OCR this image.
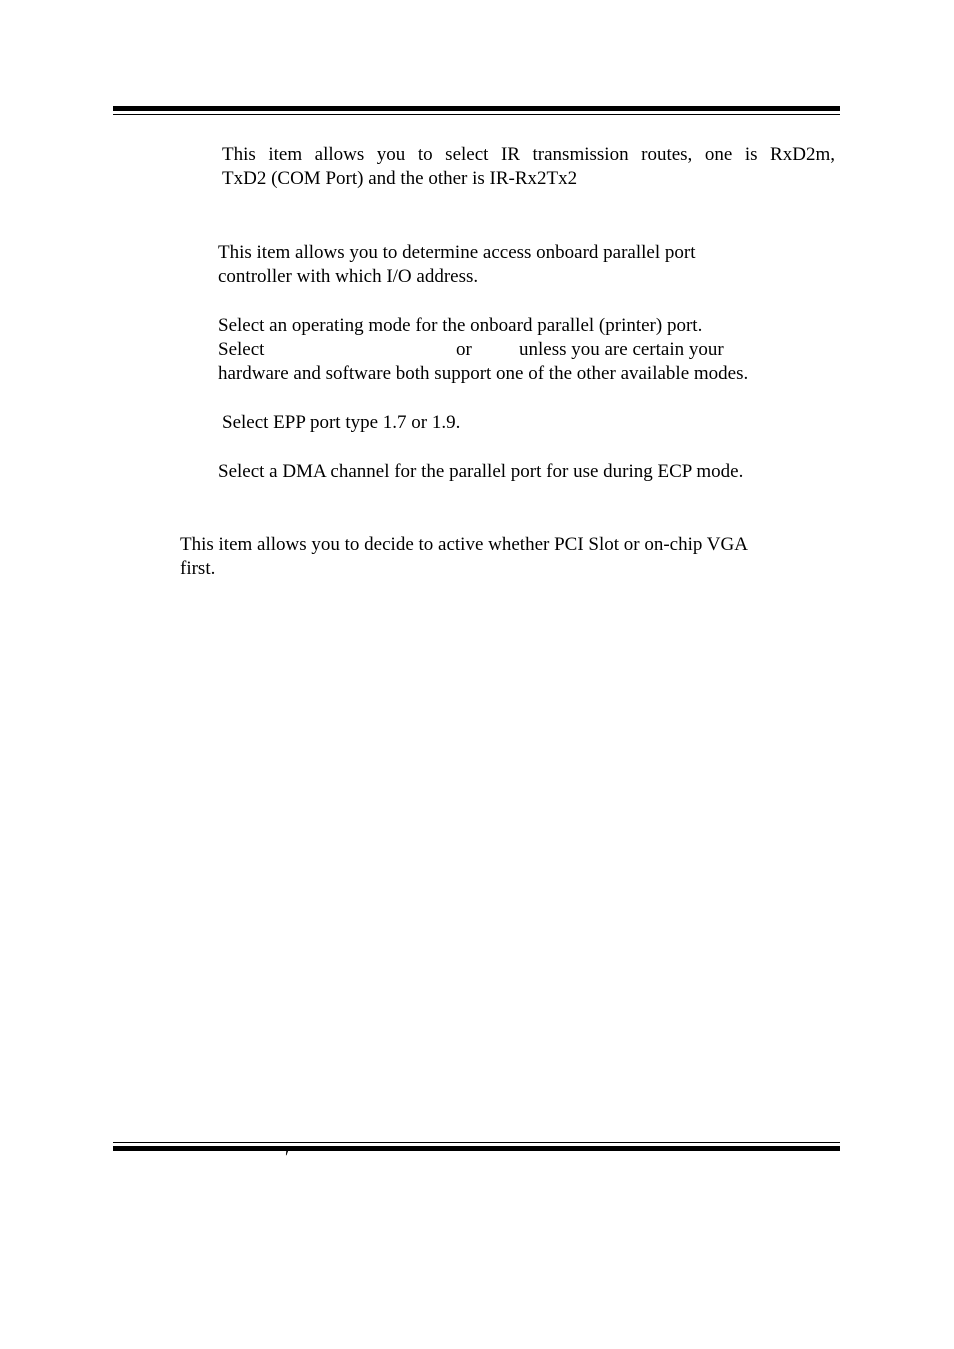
This item allows you to select IR transmission routes, one is RxD2m,
TxD2 (COM Port) and the other is IR-Rx2Tx2
This item allows you to determine access onboard parallel port
controller with which I/O address.
Select an operating mode for the onboard parallel (printer) port.
Select	or unless you are certain your
hardware and software both support one of the other available modes.
Select EPP port type 1.7 or 1.9.
Select a DMA channel for the parallel port for use during ECP mode.
This item allows you to decide to active whether PCI Slot or on-chip VGA
first.
′
